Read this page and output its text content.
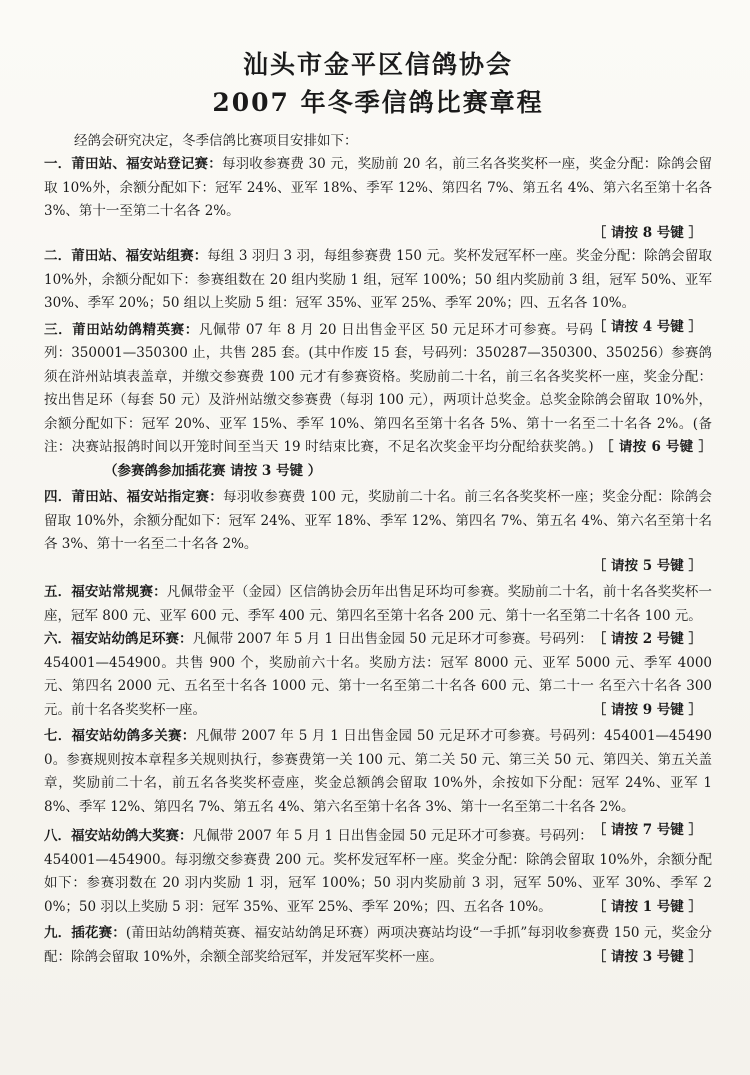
汕头市金平区信鸽协会
2007 年冬季信鸽比赛章程
经鸽会研究决定，冬季信鸽比赛项目安排如下：
一．莆田站、福安站登记赛：每羽收参赛费 30 元，奖励前 20 名，前三名各奖奖杯一座，奖金分配：除鸽会留取 10%外，余额分配如下：冠军 24%、亚军 18%、季军 12%、第四名 7%、第五名 4%、第六名至第十名各 3%、第十一至第二十名各 2%。
［ 请按 8 号键 ］
二．莆田站、福安站组赛：每组 3 羽归 3 羽，每组参赛费 150 元。奖杯发冠军杯一座。奖金分配：除鸽会留取 10%外，余额分配如下：参赛组数在 20 组内奖励 1 组，冠军 100%；50 组内奖励前 3 组，冠军 50%、亚军 30%、季军 20%；50 组以上奖励 5 组：冠军 35%、亚军 25%、季军 20%；四、五名各 10%。
［ 请按 4 号键 ］
三．莆田站幼鸽精英赛：凡佩带 07 年 8 月 20 日出售金平区 50 元足环才可参赛。号码列：350001—350300 止，共售 285 套。(其中作废 15 套，号码列：350287—350300、350256）参赛鸽须在浒州站填表盖章，并缴交参赛费 100 元才有参赛资格。奖励前二十名，前三名各奖奖杯一座，奖金分配：按出售足环（每套 50 元）及浒州站缴交参赛费（每羽 100 元），两项计总奖金。总奖金除鸽会留取 10%外，余额分配如下：冠军 20%、亚军 15%、季军 10%、第四名至第十名各 5%、第十一名至二十名各 2%。(备注：决赛站报鸽时间以开笼时间至当天 19 时结束比赛，不足名次奖金平均分配给获奖鸽。) ［ 请按 6 号键 ］（参赛鸽参加插花赛 请按 3 号键 ）
四．莆田站、福安站指定赛：每羽收参赛费 100 元，奖励前二十名。前三名各奖奖杯一座；奖金分配：除鸽会留取 10%外，余额分配如下：冠军 24%、亚军 18%、季军 12%、第四名 7%、第五名 4%、第六名至第十名各 3%、第十一名至二十名各 2%。
［ 请按 5 号键 ］
五．福安站常规赛：凡佩带金平（金园）区信鸽协会历年出售足环均可参赛。奖励前二十名，前十名各奖奖杯一座，冠军 800 元、亚军 600 元、季军 400 元、第四名至第十名各 200 元、第十一名至第二十名各 100 元。
［ 请按 2 号键 ］
六．福安站幼鸽足环赛：凡佩带 2007 年 5 月 1 日出售金园 50 元足环才可参赛。号码列：454001—454900。共售 900 个，奖励前六十名。奖励方法：冠军 8000 元、亚军 5000 元、季军 4000 元、第四名 2000 元、五名至十名各 1000 元、第十一名至第二十名各 600 元、第二十一 名至六十名各 300 元。前十名各奖奖杯一座。	［ 请按 9 号键 ］
七．福安站幼鸽多关赛：凡佩带 2007 年 5 月 1 日出售金园 50 元足环才可参赛。号码列：454001—454900。参赛规则按本章程多关规则执行，参赛费第一关 100 元、第二关 50 元、第三关 50 元、第四关、第五关盖章，奖励前二十名，前五名各奖奖杯壹座，奖金总额鸽会留取 10%外，余按如下分配：冠军 24%、亚军 18%、季军 12%、第四名 7%、第五名 4%、第六名至第十名各 3%、第十一名至第二十名各 2%。
［ 请按 7 号键 ］
八．福安站幼鸽大奖赛：凡佩带 2007 年 5 月 1 日出售金园 50 元足环才可参赛。号码列：454001—454900。每羽缴交参赛费 200 元。奖杯发冠军杯一座。奖金分配：除鸽会留取 10%外，余额分配如下：参赛羽数在 20 羽内奖励 1 羽，冠军 100%；50 羽内奖励前 3 羽，冠军 50%、亚军 30%、季军 20%；50 羽以上奖励 5 羽：冠军 35%、亚军 25%、季军 20%；四、五名各 10%。	［ 请按 1 号键 ］
九．插花赛：(莆田站幼鸽精英赛、福安站幼鸽足环赛）两项决赛站均设“一手抓”每羽收参赛费 150 元，奖金分配：除鸽会留取 10%外，余额全部奖给冠军，并发冠军奖杯一座。	［ 请按 3 号键 ］
